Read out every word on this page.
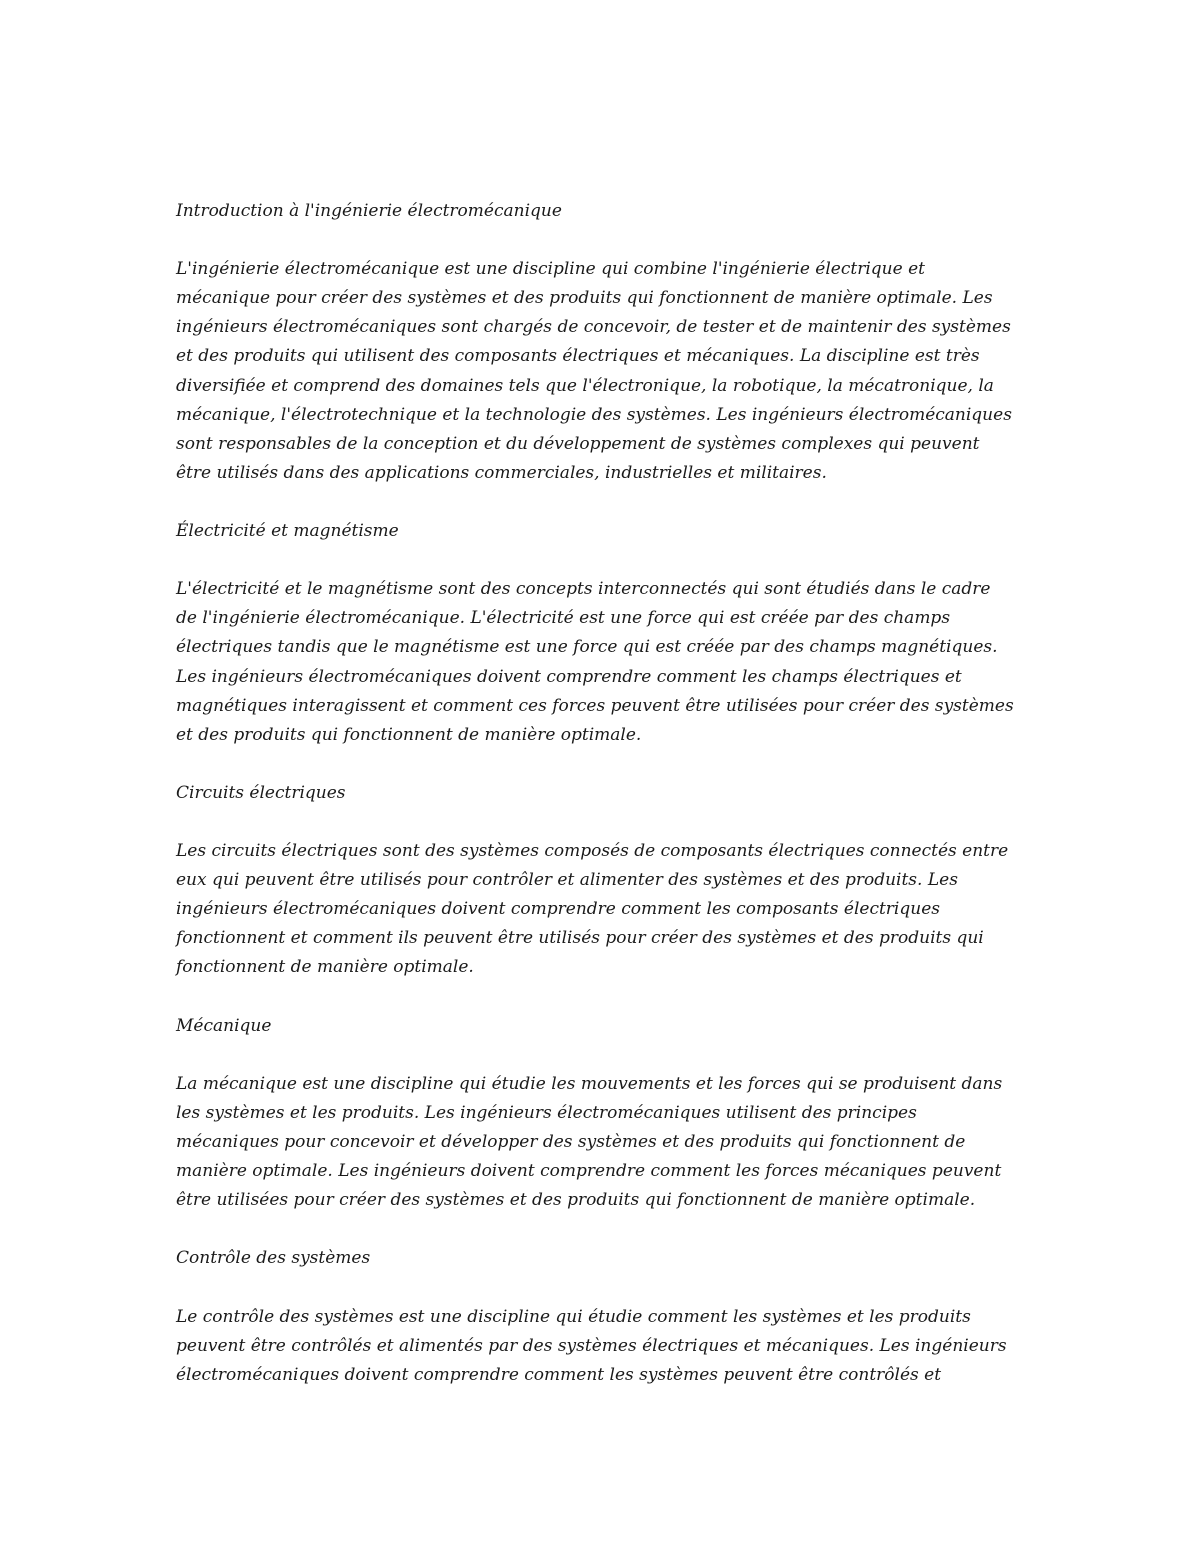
Introduction à l'ingénierie électromécanique

L'ingénierie électromécanique est une discipline qui combine l'ingénierie électrique et
mécanique pour créer des systèmes et des produits qui fonctionnent de manière optimale. Les
ingénieurs électromécaniques sont chargés de concevoir, de tester et de maintenir des systèmes
et des produits qui utilisent des composants électriques et mécaniques. La discipline est très
diversifiée et comprend des domaines tels que l'électronique, la robotique, la mécatronique, la
mécanique, l'électrotechnique et la technologie des systèmes. Les ingénieurs électromécaniques
sont responsables de la conception et du développement de systèmes complexes qui peuvent
être utilisés dans des applications commerciales, industrielles et militaires.

Électricité et magnétisme

L'électricité et le magnétisme sont des concepts interconnectés qui sont étudiés dans le cadre
de l'ingénierie électromécanique. L'électricité est une force qui est créée par des champs
électriques tandis que le magnétisme est une force qui est créée par des champs magnétiques.
Les ingénieurs électromécaniques doivent comprendre comment les champs électriques et
magnétiques interagissent et comment ces forces peuvent être utilisées pour créer des systèmes
et des produits qui fonctionnent de manière optimale.

Circuits électriques

Les circuits électriques sont des systèmes composés de composants électriques connectés entre
eux qui peuvent être utilisés pour contrôler et alimenter des systèmes et des produits. Les
ingénieurs électromécaniques doivent comprendre comment les composants électriques
fonctionnent et comment ils peuvent être utilisés pour créer des systèmes et des produits qui
fonctionnent de manière optimale.

Mécanique

La mécanique est une discipline qui étudie les mouvements et les forces qui se produisent dans
les systèmes et les produits. Les ingénieurs électromécaniques utilisent des principes
mécaniques pour concevoir et développer des systèmes et des produits qui fonctionnent de
manière optimale. Les ingénieurs doivent comprendre comment les forces mécaniques peuvent
être utilisées pour créer des systèmes et des produits qui fonctionnent de manière optimale.

Contrôle des systèmes

Le contrôle des systèmes est une discipline qui étudie comment les systèmes et les produits
peuvent être contrôlés et alimentés par des systèmes électriques et mécaniques. Les ingénieurs
électromécaniques doivent comprendre comment les systèmes peuvent être contrôlés et
